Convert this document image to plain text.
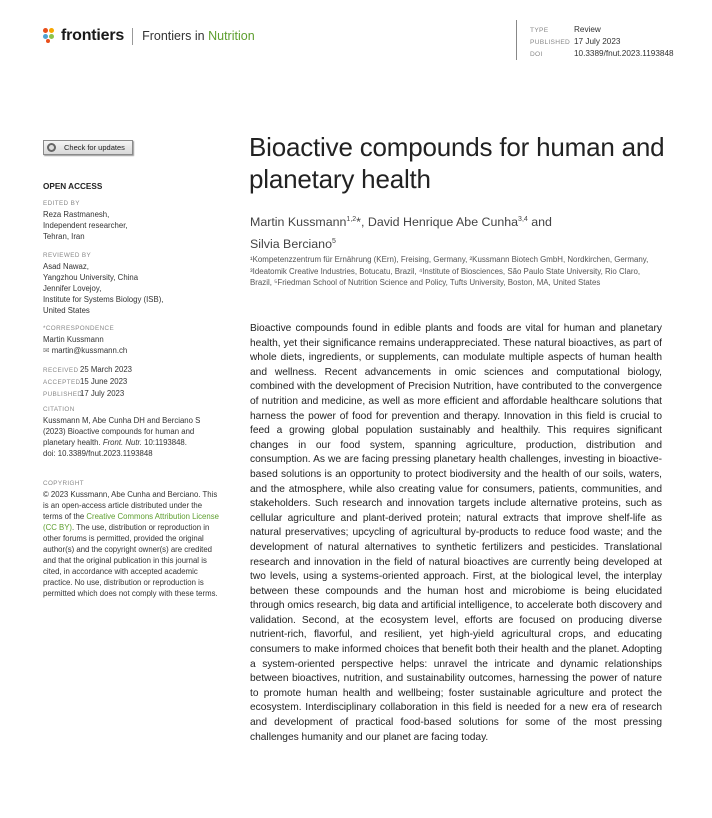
frontiers Frontiers in Nutrition	TYPE	Review
PUBLISHED 17 July 2023
DOI	10.3389/fnut.2023.1193848
Check for updates
OPEN ACCESS
EDITED BY
Reza Rastmanesh,
Independent researcher,
Tehran, Iran
REVIEWED BY
Asad Nawaz,
Yangzhou University, China
Jennifer Lovejoy,
Institute for Systems Biology (ISB),
United States
*CORRESPONDENCE
Martin Kussmann
✉ martin@kussmann.ch
RECEIVED 25 March 2023
ACCEPTED15 June 2023
PUBLISHED17 July 2023
CITATION
Kussmann M, Abe Cunha DH and Berciano S (2023) Bioactive compounds for human and planetary health. Front. Nutr. 10:1193848.
doi: 10.3389/fnut.2023.1193848
COPYRIGHT
© 2023 Kussmann, Abe Cunha and Berciano. This is an open-access article distributed under the terms of the Creative Commons Attribution License (CC BY). The use, distribution or reproduction in other forums is permitted, provided the original author(s) and the copyright owner(s) are credited and that the original publication in this journal is cited, in accordance with accepted academic practice. No use, distribution or reproduction is permitted which does not comply with these terms.
Bioactive compounds for human and planetary health
Martin Kussmann$^{1,2}$*, David Henrique Abe Cunha$^{3,4}$ and
Silvia Berciano$^5$
¹Kompetenzzentrum für Ernährung (KErn), Freising, Germany, ²Kussmann Biotech GmbH, Nordkirchen, Germany, ³Ideatomik Creative Industries, Botucatu, Brazil, ⁴Institute of Biosciences, São Paulo State University, Rio Claro, Brazil, ⁵Friedman School of Nutrition Science and Policy, Tufts University, Boston, MA, United States

Bioactive compounds found in edible plants and foods are vital for human and planetary health, yet their significance remains underappreciated. These natural bioactives, as part of whole diets, ingredients, or supplements, can modulate multiple aspects of human health and wellness. Recent advancements in omic sciences and computational biology, combined with the development of Precision Nutrition, have contributed to the convergence of nutrition and medicine, as well as more efficient and affordable healthcare solutions that harness the power of food for prevention and therapy. Innovation in this field is crucial to feed a growing global population sustainably and healthily. This requires significant changes in our food system, spanning agriculture, production, distribution and consumption. As we are facing pressing planetary health challenges, investing in bioactive-based solutions is an opportunity to protect biodiversity and the health of our soils, waters, and the atmosphere, while also creating value for consumers, patients, communities, and stakeholders. Such research and innovation targets include alternative proteins, such as cellular agriculture and plant-derived protein; natural extracts that improve shelf-life as natural preservatives; upcycling of agricultural by-products to reduce food waste; and the development of natural alternatives to synthetic fertilizers and pesticides. Translational research and innovation in the field of natural bioactives are currently being developed at two levels, using a systems-oriented approach. First, at the biological level, the interplay between these compounds and the human host and microbiome is being elucidated through omics research, big data and artificial intelligence, to accelerate both discovery and validation. Second, at the ecosystem level, efforts are focused on producing diverse nutrient-rich, flavorful, and resilient, yet high-yield agricultural crops, and educating consumers to make informed choices that benefit both their health and the planet. Adopting a system-oriented perspective helps: unravel the intricate and dynamic relationships between bioactives, nutrition, and sustainability outcomes, harnessing the power of nature to promote human health and wellbeing; foster sustainable agriculture and protect the ecosystem. Interdisciplinary collaboration in this field is needed for a new era of research and development of practical food-based solutions for some of the most pressing challenges humanity and our planet are facing today.
